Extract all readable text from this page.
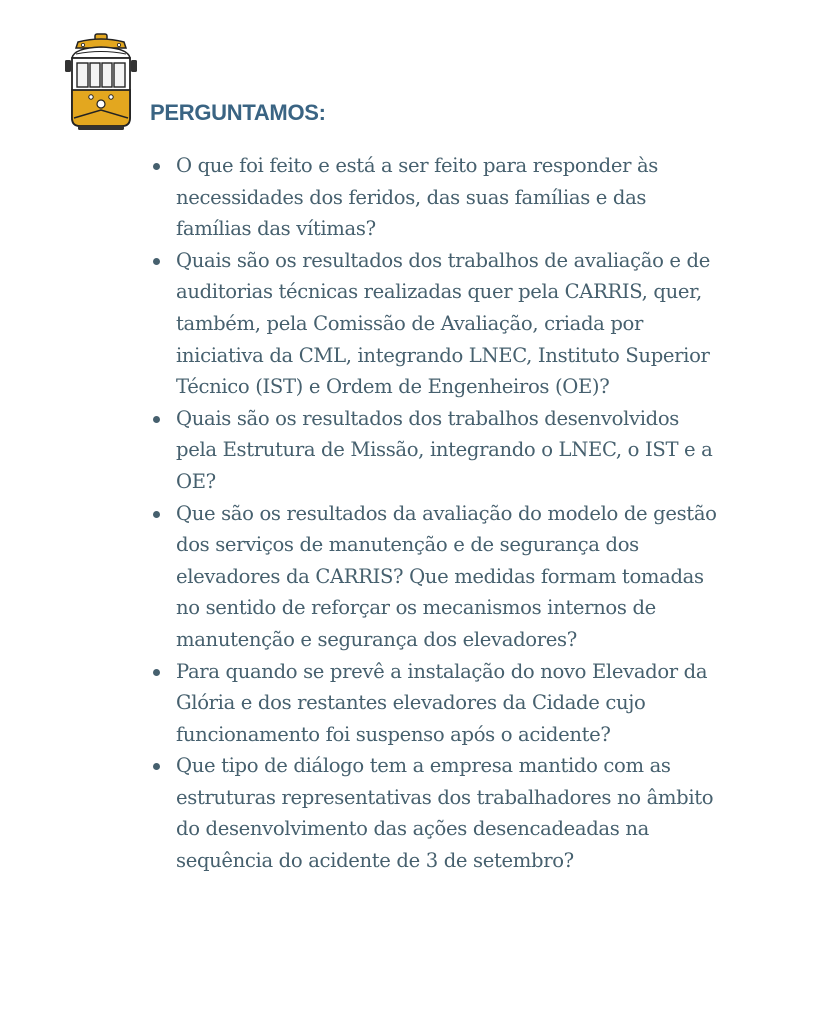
PERGUNTAMOS:
O que foi feito e está a ser feito para responder às necessidades dos feridos, das suas famílias e das famílias das vítimas?
Quais são os resultados dos trabalhos de avaliação e de auditorias técnicas realizadas quer pela CARRIS, quer, também, pela Comissão de Avaliação, criada por iniciativa da CML, integrando LNEC, Instituto Superior Técnico (IST) e Ordem de Engenheiros (OE)?
Quais são os resultados dos trabalhos desenvolvidos pela Estrutura de Missão, integrando o LNEC, o IST e a OE?
Que são os resultados da avaliação do modelo de gestão dos serviços de manutenção e de segurança dos elevadores da CARRIS? Que medidas formam tomadas no sentido de reforçar os mecanismos internos de manutenção e segurança dos elevadores?
Para quando se prevê a instalação do novo Elevador da Glória e dos restantes elevadores da Cidade cujo funcionamento foi suspenso após o acidente?
Que tipo de diálogo tem a empresa mantido com as estruturas representativas dos trabalhadores no âmbito do desenvolvimento das ações desencadeadas na sequência do acidente de 3 de setembro?
